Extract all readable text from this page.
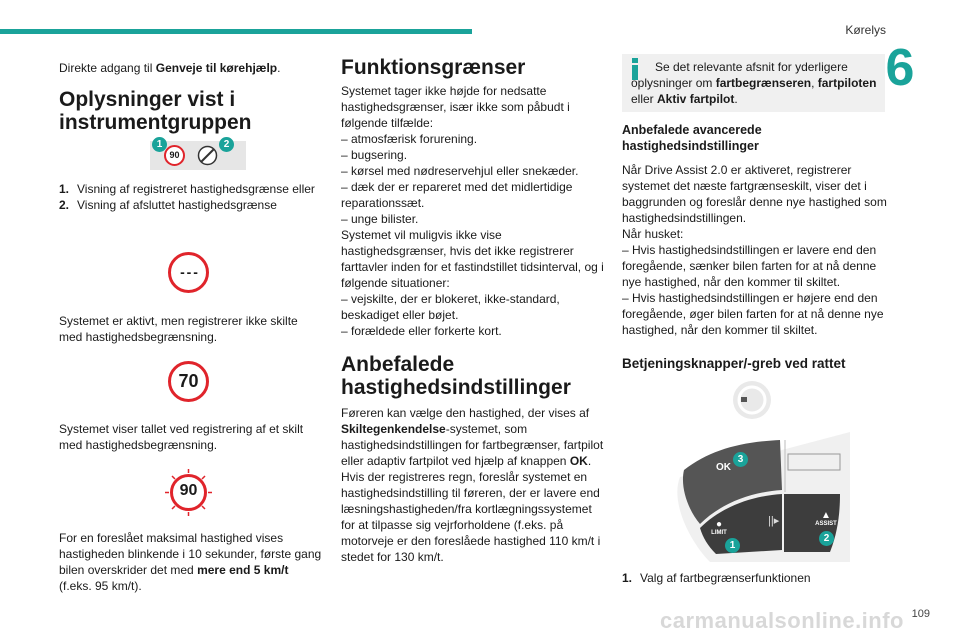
Kørelys
6

Direkte adgang til Genveje til kørehjælp.

Oplysninger vist i instrumentgruppen
90
1	2
1. Visning af registreret hastighedsgrænse eller
2. Visning af afsluttet hastighedsgrænse
- - -

Systemet er aktivt, men registrerer ikke skilte med hastighedsbegrænsning.

70

Systemet viser tallet ved registrering af et skilt med hastighedsbegrænsning.

90

For en foreslået maksimal hastighed vises hastigheden blinkende i 10 sekunder, første gang bilen overskrider det med mere end 5 km/t (f.eks. 95 km/t).

Funktionsgrænser

Systemet tager ikke højde for nedsatte hastighedsgrænser, især ikke som påbudt i følgende tilfælde:

– atmosfærisk forurening.

– bugsering.

– kørsel med nødreservehjul eller snekæder.

– dæk der er repareret med det midlertidige reparationssæt.

– unge bilister.

Systemet vil muligvis ikke vise hastighedsgrænser, hvis det ikke registrerer farttavler inden for et fastindstillet tidsinterval, og i følgende situationer:

– vejskilte, der er blokeret, ikke-standard, beskadiget eller bøjet.

– forældede eller forkerte kort.

Anbefalede hastighedsindstillinger

Føreren kan vælge den hastighed, der vises af Skiltegenkendelse-systemet, som hastighedsindstillingen for fartbegrænser, fartpilot eller adaptiv fartpilot ved hjælp af knappen OK.

Hvis der registreres regn, foreslår systemet en hastighedsindstilling til føreren, der er lavere end læsningshastigheden/fra kortlægningssystemet for at tilpasse sig vejrforholdene (f.eks. på motorveje er den foreslåede hastighed 110 km/t i stedet for 130 km/t.

Se det relevante afsnit for yderligere oplysninger om fartbegrænseren, fartpiloten eller Aktiv fartpilot.
Anbefalede avancerede hastighedsindstillinger

Når Drive Assist 2.0 er aktiveret, registrerer systemet det næste fartgrænseskilt, viser det i baggrunden og foreslår denne nye hastighed som hastighedsindstillingen.

Når husket:

– Hvis hastighedsindstillingen er lavere end den foregående, sænker bilen farten for at nå denne nye hastighed, når den kommer til skiltet.

– Hvis hastighedsindstillingen er højere end den foregående, øger bilen farten for at nå denne nye hastighed, når den kommer til skiltet.

Betjeningsknapper/-greb ved rattet
OK
●
LIMIT
||▸	▲
ASSIST
3
1
2
1. Valg af fartbegrænserfunktionen
109
carmanualsonline.info
